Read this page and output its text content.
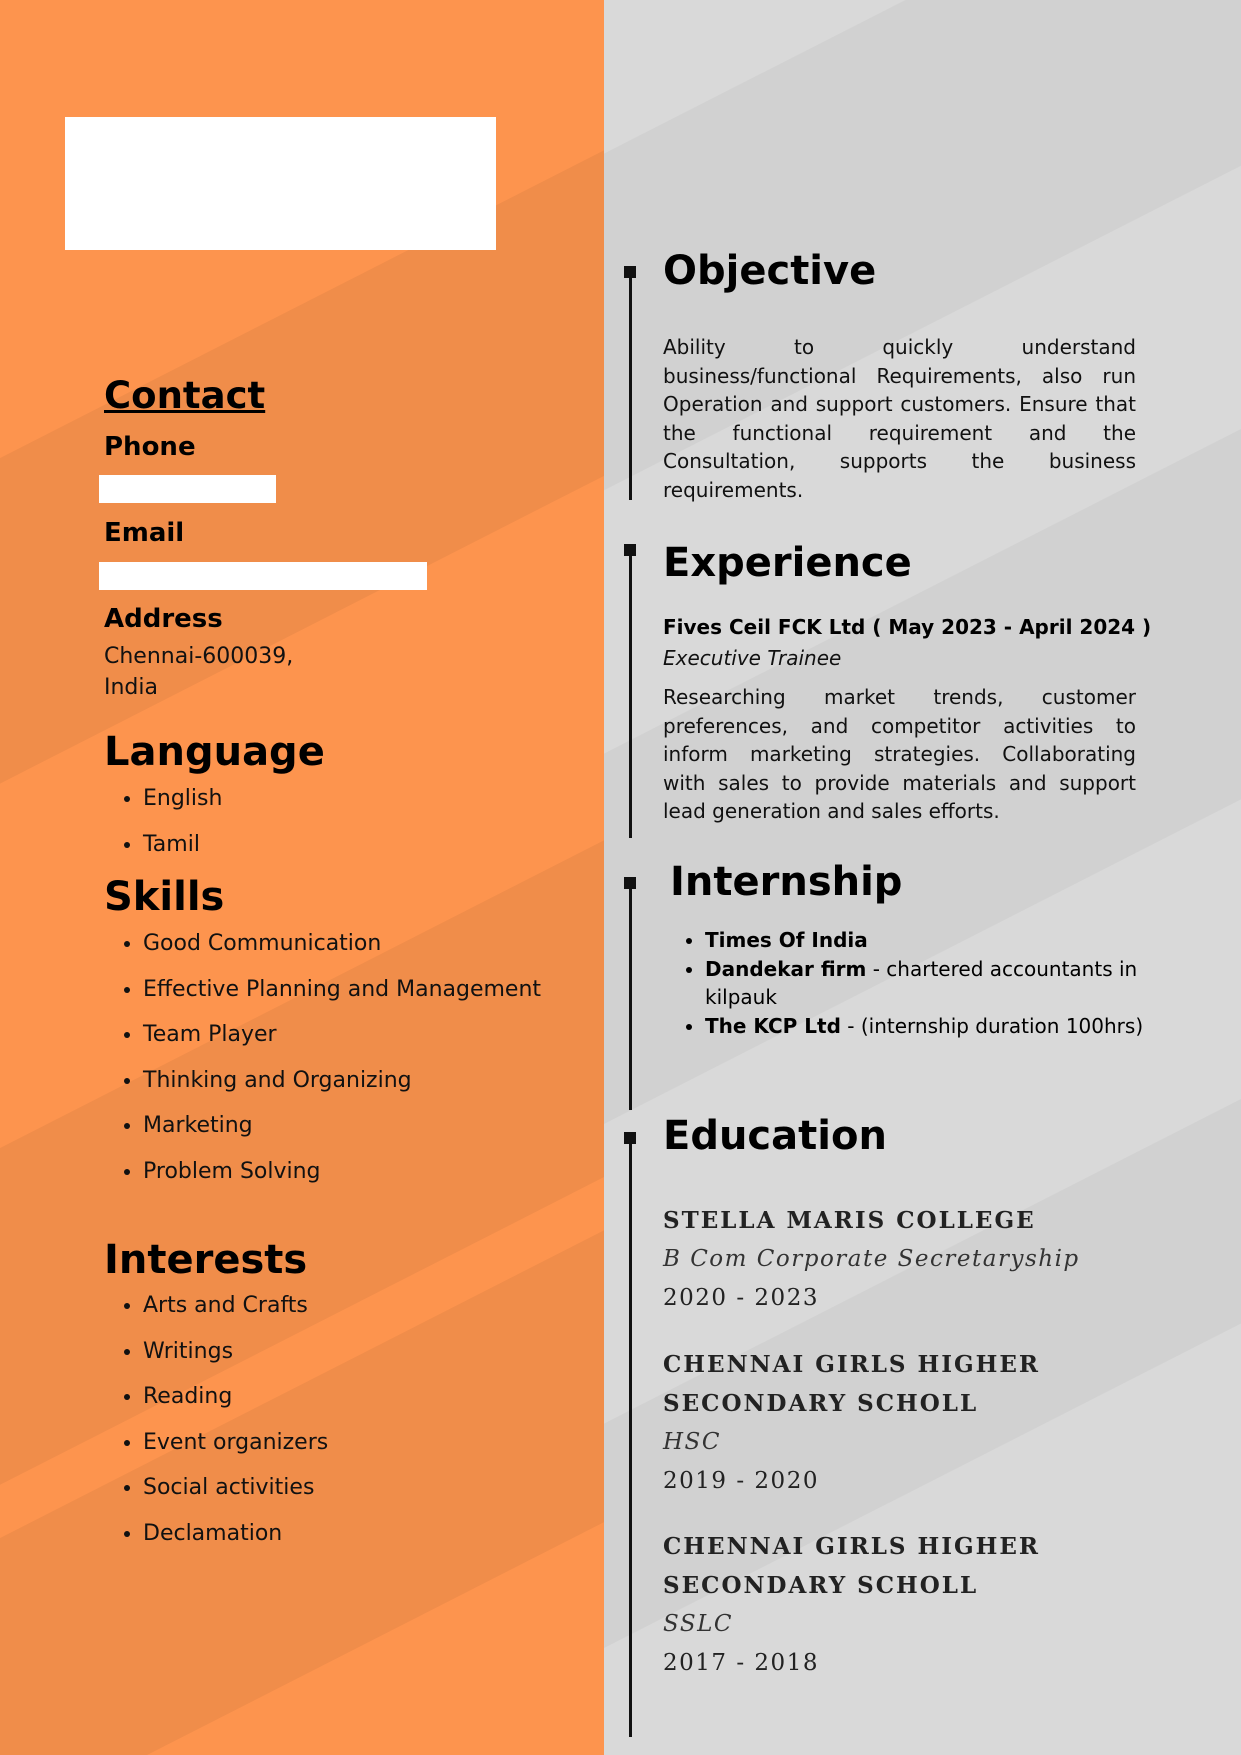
Contact
Phone
Email
Address
Chennai-600039,
India
Language
• English
• Tamil
Skills
• Good Communication
• Effective Planning and Management
• Team Player
• Thinking and Organizing
• Marketing
• Problem Solving
Interests
• Arts and Crafts
• Writings
• Reading
• Event organizers
• Social activities
• Declamation
Objective
Ability to quickly understand business/functional Requirements, also run Operation and support customers. Ensure that the functional requirement and the Consultation, supports the business requirements.
Experience
Fives Ceil FCK Ltd ( May 2023 - April 2024 )
Executive Trainee
Researching market trends, customer preferences, and competitor activities to inform marketing strategies. Collaborating with sales to provide materials and support lead generation and sales efforts.
Internship
• Times Of India
• Dandekar firm - chartered accountants in kilpauk
• The KCP Ltd - (internship duration 100hrs)
Education
STELLA MARIS COLLEGE
B Com Corporate Secretaryship
2020 - 2023
CHENNAI GIRLS HIGHER SECONDARY SCHOLL
HSC
2019 - 2020
CHENNAI GIRLS HIGHER SECONDARY SCHOLL
SSLC
2017 - 2018
